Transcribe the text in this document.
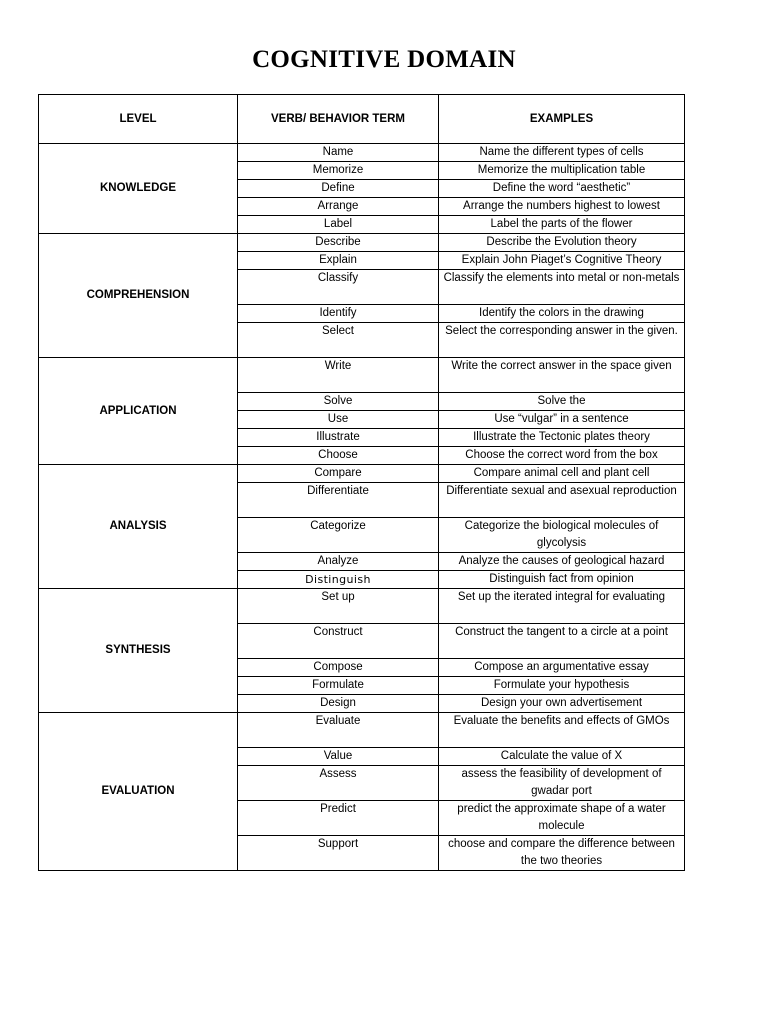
COGNITIVE DOMAIN
LEVEL	VERB/ BEHAVIOR TERM	EXAMPLES
KNOWLEDGE	Name	Name the different types of cells
	Memorize	Memorize the multiplication table
	Define	Define the word “aesthetic”
	Arrange	Arrange the numbers highest to lowest
	Label	Label the parts of the flower
COMPREHENSION	Describe	Describe the Evolution theory
	Explain	Explain John Piaget’s Cognitive Theory
	Classify	Classify the elements into metal or non-metals
	Identify	Identify the colors in the drawing
	Select	Select the corresponding answer in the given.
APPLICATION	Write	Write the correct answer in the space given
	Solve	Solve the
	Use	Use “vulgar” in a sentence
	Illustrate	Illustrate the Tectonic plates theory
	Choose	Choose the correct word from the box
ANALYSIS	Compare	Compare animal cell and plant cell
	Differentiate	Differentiate sexual and asexual reproduction
	Categorize	Categorize the biological molecules of glycolysis
	Analyze	Analyze the causes of geological hazard
	Distinguish	Distinguish fact from opinion
SYNTHESIS	Set up	Set up the iterated integral for evaluating
	Construct	Construct the tangent to a circle at a point
	Compose	Compose an argumentative essay
	Formulate	Formulate your hypothesis
	Design	Design your own advertisement
EVALUATION	Evaluate	Evaluate the benefits and effects of GMOs
	Value	Calculate the value of X
	Assess	assess the feasibility of development of gwadar port
	Predict	predict the approximate shape of a water molecule
	Support	choose and compare the difference between the two theories
